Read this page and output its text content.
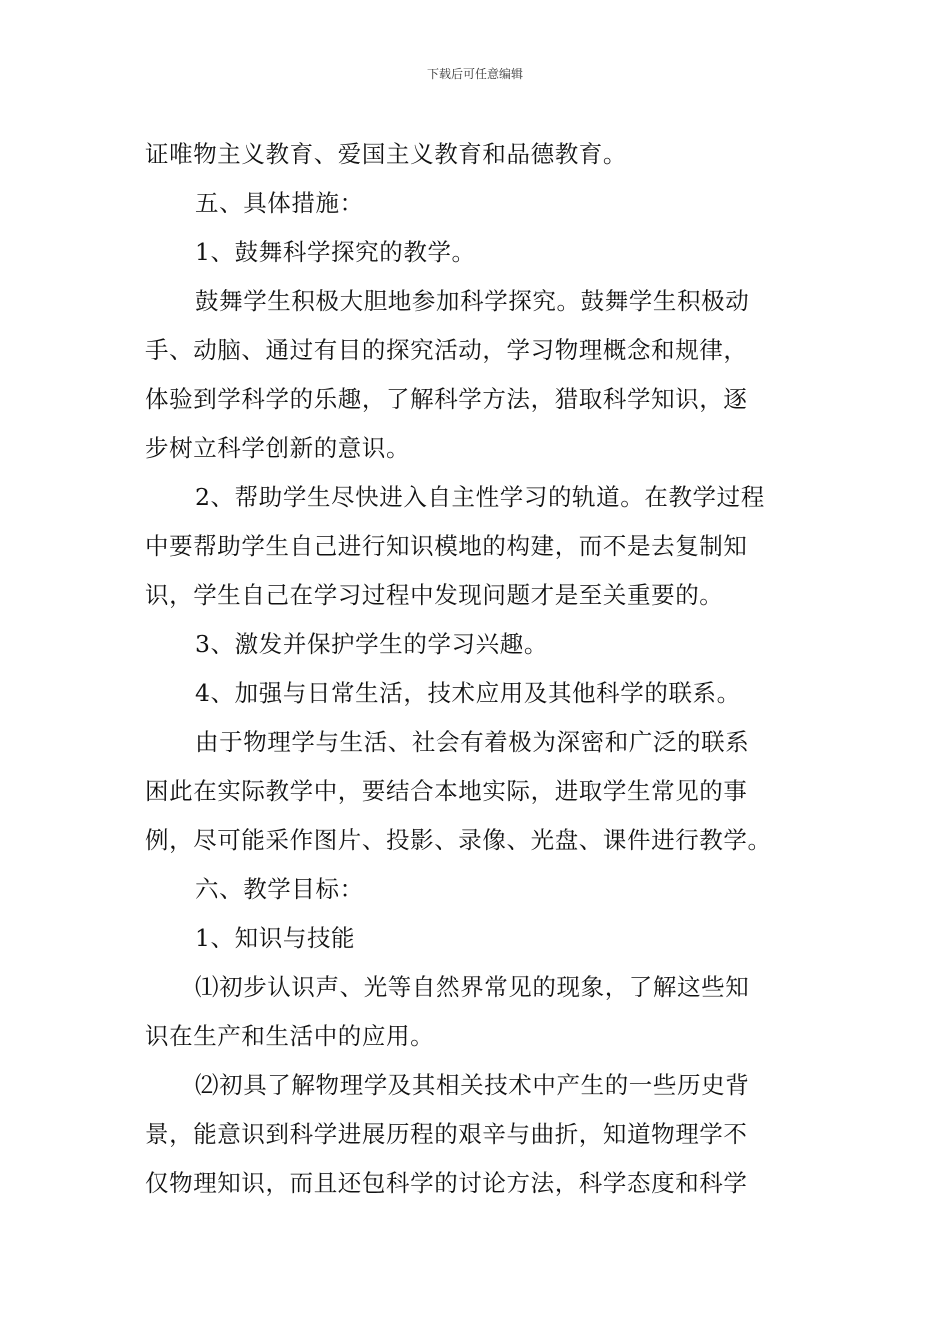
下载后可任意编辑
证唯物主义教育、爱国主义教育和品德教育。
五、具体措施：
1、鼓舞科学探究的教学。
鼓舞学生积极大胆地参加科学探究。鼓舞学生积极动
手、动脑、通过有目的探究活动，学习物理概念和规律，
体验到学科学的乐趣，了解科学方法，猎取科学知识，逐
步树立科学创新的意识。
2、帮助学生尽快进入自主性学习的轨道。在教学过程
中要帮助学生自己进行知识模地的构建，而不是去复制知
识，学生自己在学习过程中发现问题才是至关重要的。
3、激发并保护学生的学习兴趣。
4、加强与日常生活，技术应用及其他科学的联系。
由于物理学与生活、社会有着极为深密和广泛的联系
困此在实际教学中，要结合本地实际，进取学生常见的事
例，尽可能采作图片、投影、录像、光盘、课件进行教学。
六、教学目标：
1、知识与技能
⑴初步认识声、光等自然界常见的现象，了解这些知
识在生产和生活中的应用。
⑵初具了解物理学及其相关技术中产生的一些历史背
景，能意识到科学进展历程的艰辛与曲折，知道物理学不
仅物理知识，而且还包科学的讨论方法，科学态度和科学
